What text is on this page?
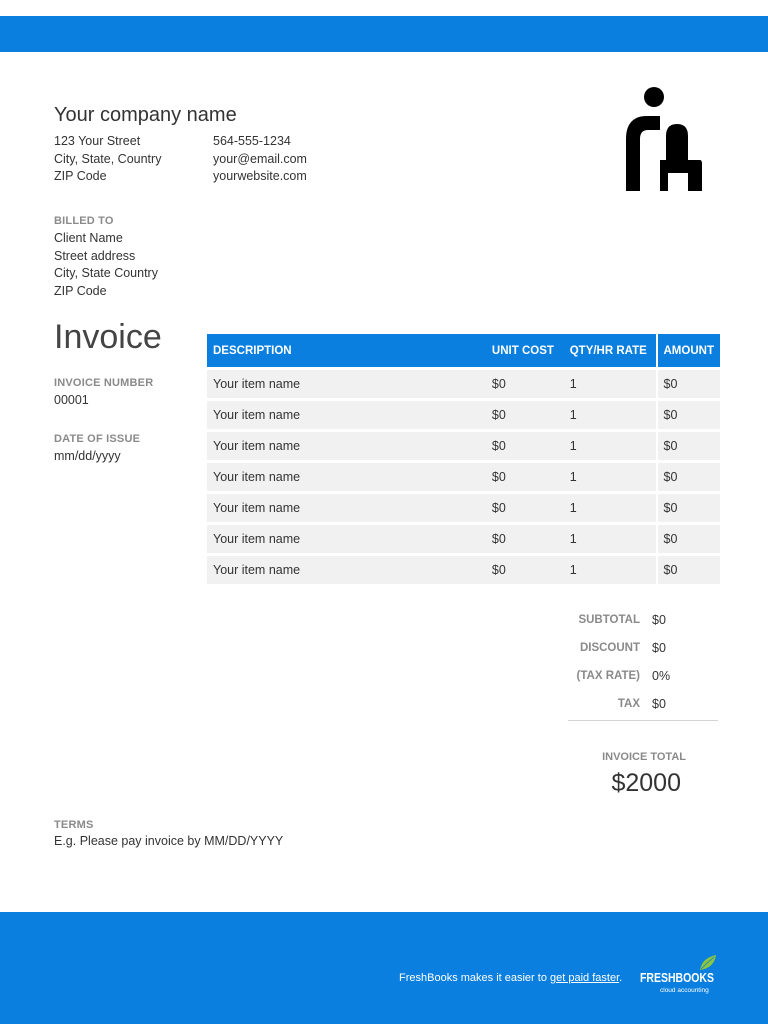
Your company name
123 Your Street
City, State, Country
ZIP Code
564-555-1234
your@email.com
yourwebsite.com
BILLED TO
Client Name
Street address
City, State Country
ZIP Code
Invoice
INVOICE NUMBER
00001
DATE OF ISSUE
mm/dd/yyyy
DESCRIPTION	UNIT COST	QTY/HR RATE	AMOUNT
Your item name	$0	1	$0
Your item name	$0	1	$0
Your item name	$0	1	$0
Your item name	$0	1	$0
Your item name	$0	1	$0
Your item name	$0	1	$0
Your item name	$0	1	$0
SUBTOTAL $0
DISCOUNT $0
(TAX RATE) 0%
TAX $0
INVOICE TOTAL
$2000
TERMS
E.g. Please pay invoice by MM/DD/YYYY
FreshBooks makes it easier to get paid faster. FRESHBOOKS
cloud accounting
